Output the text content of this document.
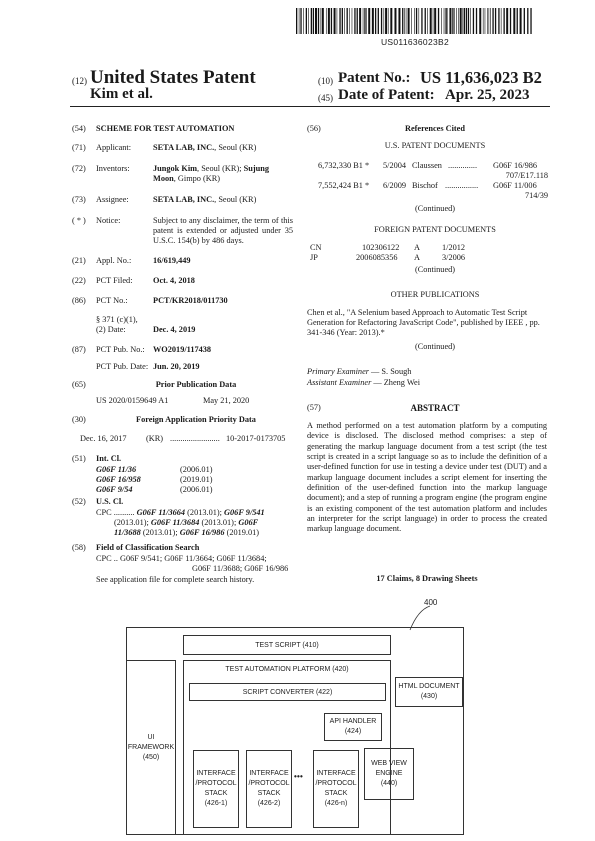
US011636023B2
(12) United States Patent
Kim et al.
(10) Patent No.: US 11,636,023 B2
(45) Date of Patent: Apr. 25, 2023
(54) SCHEME FOR TEST AUTOMATION
(71) Applicant:	SETA LAB, INC., Seoul (KR)
(72) Inventors:	Jungok Kim, Seoul (KR); Sujung
Moon, Gimpo (KR)
(73) Assignee:	SETA LAB, INC., Seoul (KR)
( * ) Notice:	Subject to any disclaimer, the term of this patent is extended or adjusted under 35 U.S.C. 154(b) by 486 days.
(21) Appl. No.:	16/619,449
(22) PCT Filed: Oct. 4, 2018
(86) PCT No.:	PCT/KR2018/011730
§ 371 (c)(1),
(2) Date:	Dec. 4, 2019
(87) PCT Pub. No.: WO2019/117438
PCT Pub. Date: Jun. 20, 2019
(65)	Prior Publication Data
US 2020/0159649 A1	May 21, 2020
(30)	Foreign Application Priority Data
Dec. 16, 2017 (KR) ........................ 10-2017-0173705
(51) Int. Cl.
G06F 11/36	(2006.01)
G06F 16/958	(2019.01)
G06F 9/54	(2006.01)
(52) U.S. Cl.
CPC .......... G06F 11/3664 (2013.01); G06F 9/541
(2013.01); G06F 11/3684 (2013.01); G06F
11/3688 (2013.01); G06F 16/986 (2019.01)
(58) Field of Classification Search
CPC .. G06F 9/541; G06F 11/3664; G06F 11/3684;
G06F 11/3688; G06F 16/986
See application file for complete search history.
(56)	References Cited
U.S. PATENT DOCUMENTS
6,732,330 B1 * 5/2004 Claussen .............. G06F 16/986
707/E17.118
7,552,424 B1 * 6/2009 Bischof ................ G06F 11/006
714/39
(Continued)
FOREIGN PATENT DOCUMENTS
CN	102306122 A	1/2012
JP	2006085356 A	3/2006
(Continued)
OTHER PUBLICATIONS
Chen et al., "A Selenium based Approach to Automatic Test Script Generation for Refactoring JavaScript Code", published by IEEE , pp. 341-346 (Year: 2013).*
(Continued)
Primary Examiner — S. Sough
Assistant Examiner — Zheng Wei
(57)	ABSTRACT
A method performed on a test automation platform by a computing device is disclosed. The disclosed method comprises: a step of generating the markup language document from a test script (the test script is created in a script language so as to include the definition of a user-defined function for use in testing a device under test (DUT) and a markup language document includes a script element for inserting the definition of the user-defined function into the markup language document); and a step of running a program engine (the program engine is an existing component of the test automation platform and includes an interpreter for the script language) in order to process the created markup language document.
17 Claims, 8 Drawing Sheets
400
TEST SCRIPT (410)
UI
FRAMEWORK
(450)
TEST AUTOMATION PLATFORM (420)
SCRIPT CONVERTER (422)
API HANDLER
(424)
HTML DOCUMENT
(430)
INTERFACE
/PROTOCOL
STACK
(426-1)
INTERFACE
/PROTOCOL
STACK
(426-2)
• • • INTERFACE
/PROTOCOL
STACK
(426-n)
WEB VIEW
ENGINE
(440)
